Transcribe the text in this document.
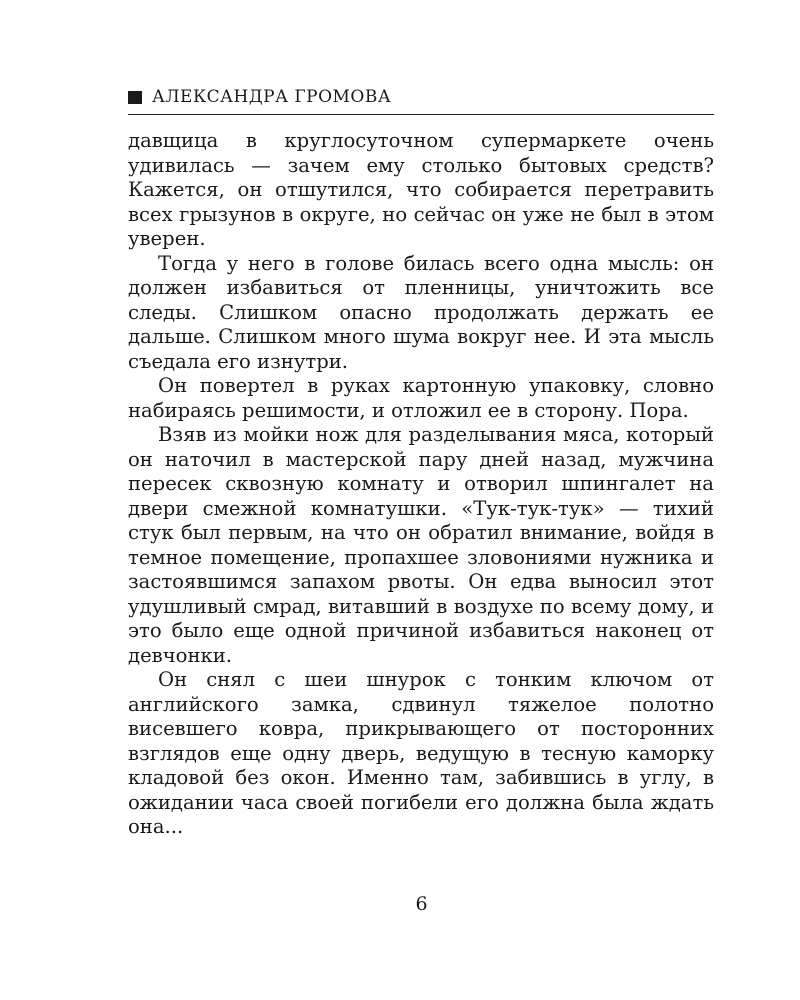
АЛЕКСАНДРА ГРОМОВА

давщица в круглосуточном супермаркете очень удивилась — зачем ему столько бытовых средств? Кажется, он отшутился, что собирается перетравить всех грызунов в округе, но сейчас он уже не был в этом уверен.

Тогда у него в голове билась всего одна мысль: он должен избавиться от пленницы, уничтожить все следы. Слишком опасно продолжать держать ее дальше. Слишком много шума вокруг нее. И эта мысль съедала его изнутри.

Он повертел в руках картонную упаковку, словно набираясь решимости, и отложил ее в сторону. Пора.

Взяв из мойки нож для разделывания мяса, который он наточил в мастерской пару дней назад, мужчина пересек сквозную комнату и отворил шпингалет на двери смежной комнатушки. «Тук-тук-тук» — тихий стук был первым, на что он обратил внимание, войдя в темное помещение, пропахшее зловониями нужника и застоявшимся запахом рвоты. Он едва выносил этот удушливый смрад, витавший в воздухе по всему дому, и это было еще одной причиной избавиться наконец от девчонки.

Он снял с шеи шнурок с тонким ключом от английского замка, сдвинул тяжелое полотно висевшего ковра, прикрывающего от посторонних взглядов еще одну дверь, ведущую в тесную каморку кладовой без окон. Именно там, забившись в углу, в ожидании часа своей погибели его должна была ждать она...

6
